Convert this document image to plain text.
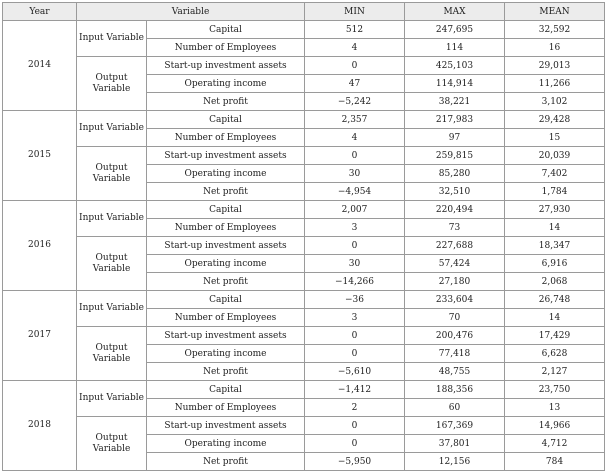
Year	Variable		MIN	MAX	MEAN	
2014	Input Variable	Capital	512	247,695	32,592	
		Number of Employees	4	114	16	
	Output Variable	Start-up investment assets	0	425,103	29,013	
		Operating income	47	114,914	11,266	
		Net profit	−5,242	38,221	3,102	
2015	Input Variable	Capital	2,357	217,983	29,428	
		Number of Employees	4	97	15	
	Output Variable	Start-up investment assets	0	259,815	20,039	
		Operating income	30	85,280	7,402	
		Net profit	−4,954	32,510	1,784	
2016	Input Variable	Capital	2,007	220,494	27,930	
		Number of Employees	3	73	14	
	Output Variable	Start-up investment assets	0	227,688	18,347	
		Operating income	30	57,424	6,916	
		Net profit	−14,266	27,180	2,068	
2017	Input Variable	Capital	−36	233,604	26,748	
		Number of Employees	3	70	14	
	Output Variable	Start-up investment assets	0	200,476	17,429	
		Operating income	0	77,418	6,628	
		Net profit	−5,610	48,755	2,127	
2018	Input Variable	Capital	−1,412	188,356	23,750	
		Number of Employees	2	60	13	
	Output Variable	Start-up investment assets	0	167,369	14,966	
		Operating income	0	37,801	4,712	
		Net profit	−5,950	12,156	784	
